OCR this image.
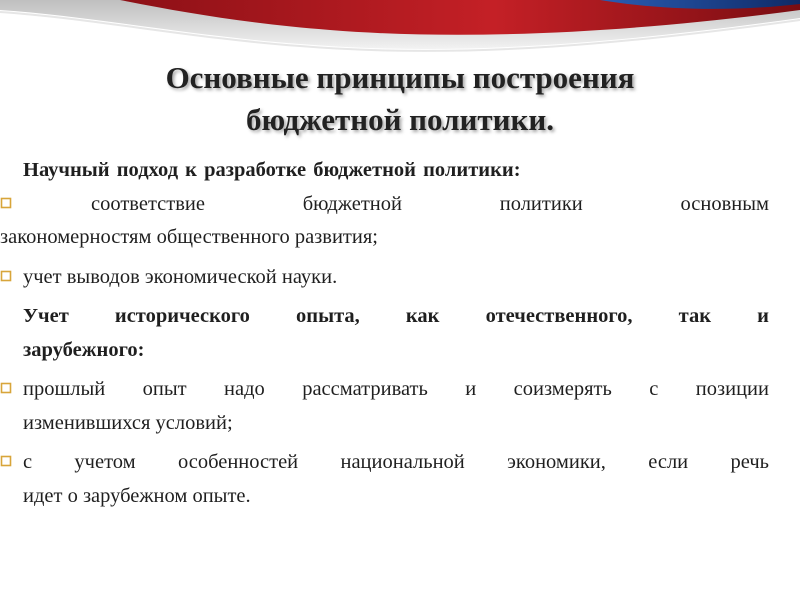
Основные принципы построения
бюджетной политики.
Научный подход к разработке бюджетной политики:
соответствие бюджетной политики основным
закономерностям общественного развития;
учет выводов экономической науки.
Учет исторического опыта, как отечественного, так и
зарубежного:
прошлый опыт надо рассматривать и соизмерять с позиции
изменившихся условий;
с учетом особенностей национальной экономики, если речь
идет о зарубежном опыте.
